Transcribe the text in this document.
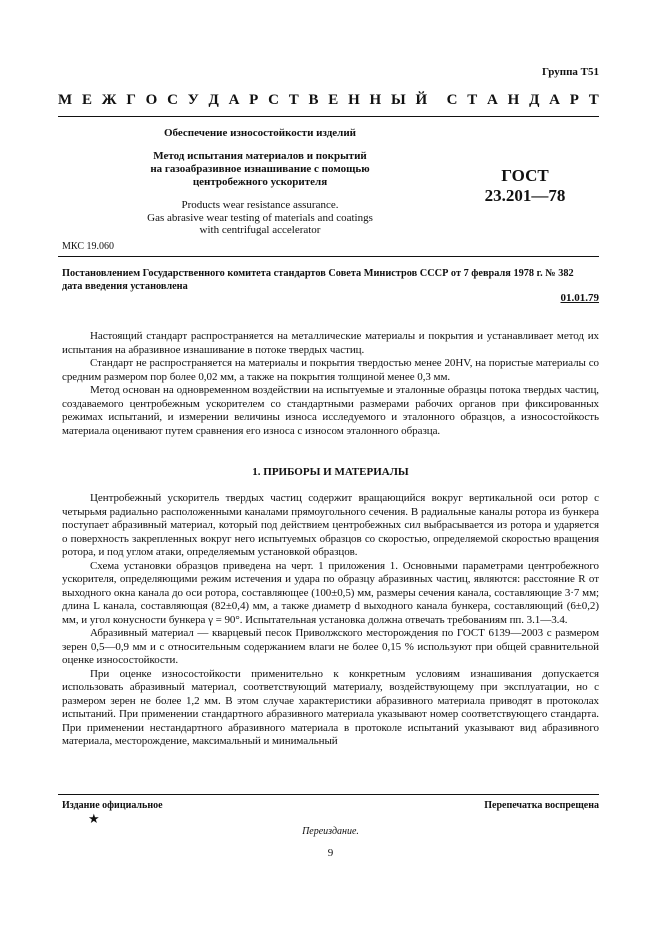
Группа Т51
М Е Ж Г О С У Д А Р С Т В Е Н Н Ы Й С Т А Н Д А Р Т
Обеспечение износостойкости изделий
Метод испытания материалов и покрытий
на газоабразивное изнашивание с помощью
центробежного ускорителя
Products wear resistance assurance.
Gas abrasive wear testing of materials and coatings
with centrifugal accelerator
ГОСТ
23.201—78
МКС 19.060
Постановлением Государственного комитета стандартов Совета Министров СССР от 7 февраля 1978 г. № 382
дата введения установлена
01.01.79

Настоящий стандарт распространяется на металлические материалы и покрытия и устанавливает метод их испытания на абразивное изнашивание в потоке твердых частиц.

Стандарт не распространяется на материалы и покрытия твердостью менее 20HV, на пористые материалы со средним размером пор более 0,02 мм, а также на покрытия толщиной менее 0,3 мм.

Метод основан на одновременном воздействии на испытуемые и эталонные образцы потока твердых частиц, создаваемого центробежным ускорителем со стандартными размерами рабочих органов при фиксированных режимах испытаний, и измерении величины износа исследуемого и эталонного образцов, а износостойкость материала оценивают путем сравнения его износа с износом эталонного образца.

1. ПРИБОРЫ И МАТЕРИАЛЫ

Центробежный ускоритель твердых частиц содержит вращающийся вокруг вертикальной оси ротор с четырьмя радиально расположенными каналами прямоугольного сечения. В радиальные каналы ротора из бункера поступает абразивный материал, который под действием центробежных сил выбрасывается из ротора и ударяется о поверхность закрепленных вокруг него испытуемых образцов со скоростью, определяемой скоростью вращения ротора, и под углом атаки, определяемым установкой образцов.

Схема установки образцов приведена на черт. 1 приложения 1. Основными параметрами центробежного ускорителя, определяющими режим истечения и удара по образцу абразивных частиц, являются: расстояние R от выходного окна канала до оси ротора, составляющее (100±0,5) мм, размеры сечения канала, составляющие 3·7 мм; длина L канала, составляющая (82±0,4) мм, а также диаметр d выходного канала бункера, составляющий (6±0,2) мм, и угол конусности бункера γ = 90°. Испытательная установка должна отвечать требованиям пп. 3.1—3.4.

Абразивный материал — кварцевый песок Приволжского месторождения по ГОСТ 6139—2003 с размером зерен 0,5—0,9 мм и с относительным содержанием влаги не более 0,15 % используют при общей сравнительной оценке износостойкости.

При оценке износостойкости применительно к конкретным условиям изнашивания допускается использовать абразивный материал, соответствующий материалу, воздействующему при эксплуатации, но с размером зерен не более 1,2 мм. В этом случае характеристики абразивного материала приводят в протоколах испытаний. При применении стандартного абразивного материала указывают номер соответствующего стандарта. При применении нестандартного абразивного материала в протоколе испытаний указывают вид абразивного материала, месторождение, максимальный и минимальный

Издание официальное	Перепечатка воспрещена
★
Переиздание.
9
